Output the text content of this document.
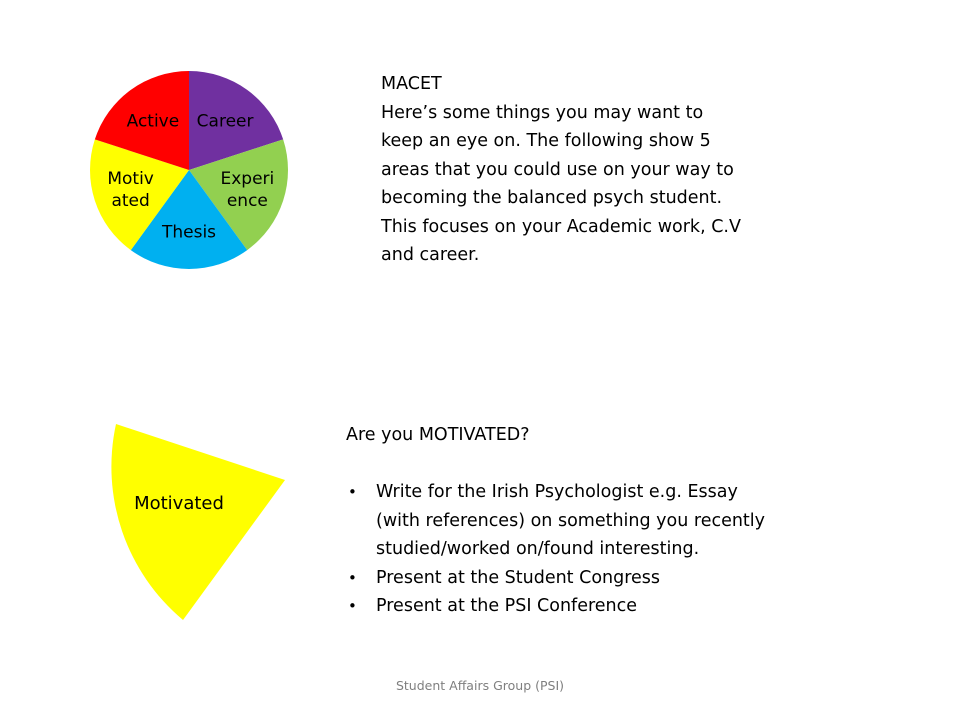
Career
Experi ence
Thesis
Motiv ated
Active
Motivated
MACET
Here’s some things you may want to
keep an eye on. The following show 5
areas that you could use on your way to
becoming the balanced psych student.
This focuses on your Academic work, C.V
and career.
Are you MOTIVATED?
• Write for the Irish Psychologist e.g. Essay
(with references) on something you recently
studied/worked on/found interesting.
• Present at the Student Congress
• Present at the PSI Conference
Student Affairs Group (PSI)
